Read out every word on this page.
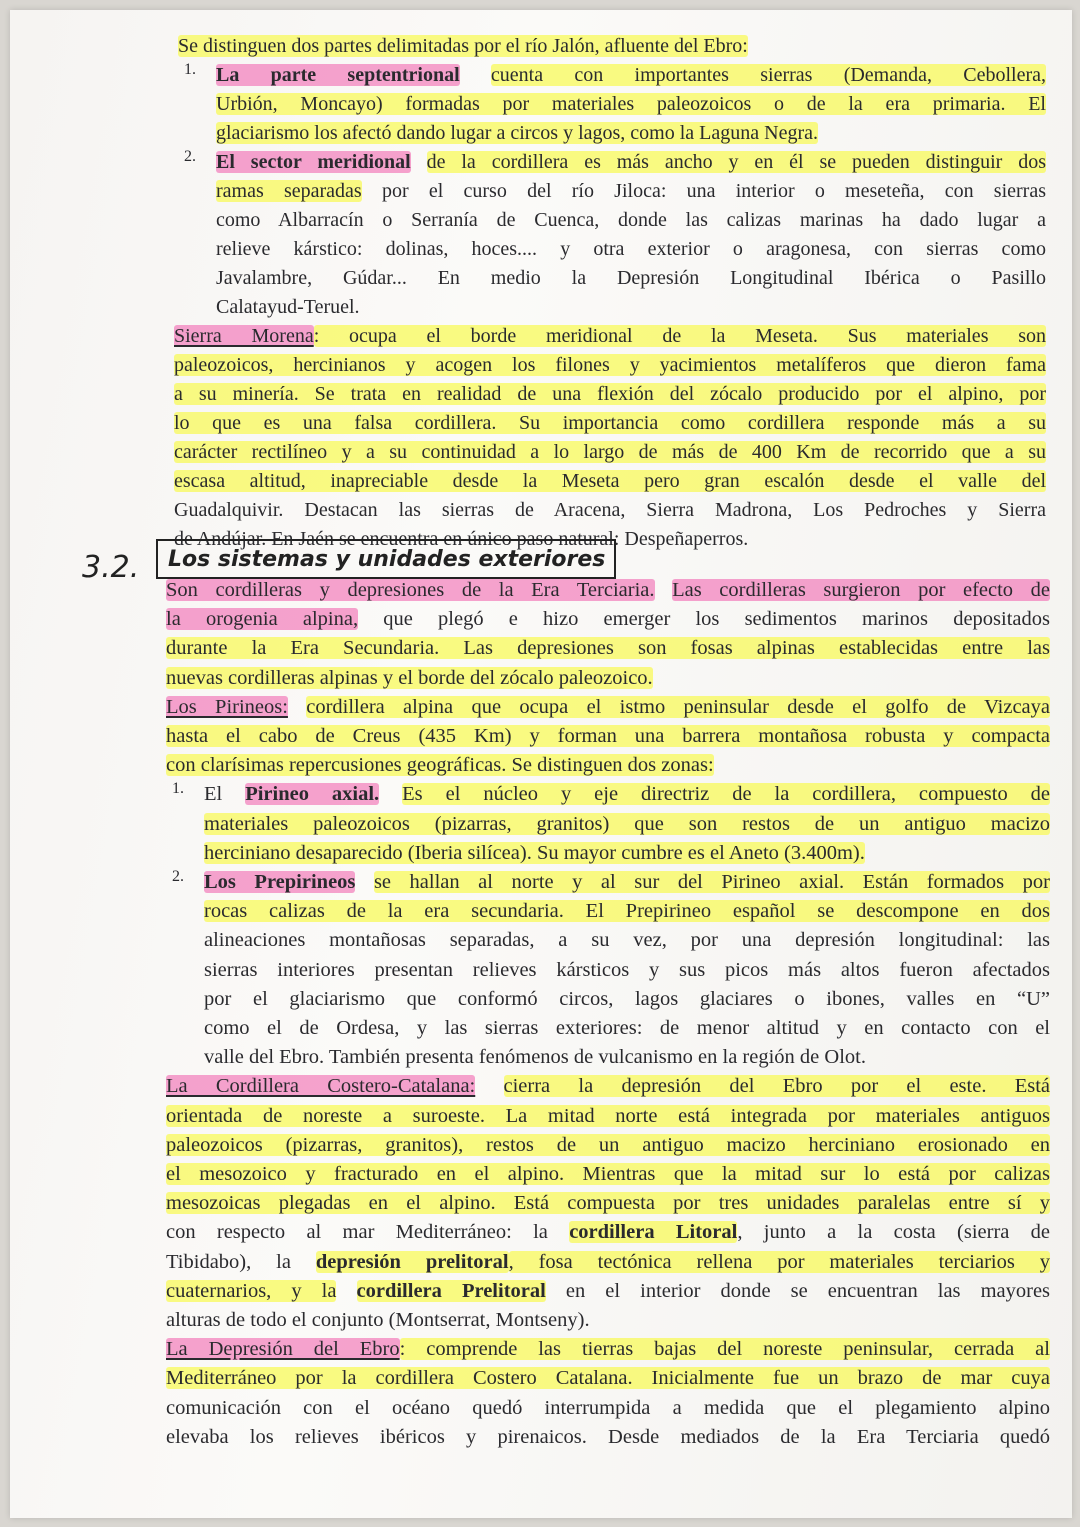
Se distinguen dos partes delimitadas por el río Jalón, afluente del Ebro:

1. La parte septentrional cuenta con importantes sierras (Demanda, Cebollera,

Urbión, Moncayo) formadas por materiales paleozoicos o de la era primaria. El

glaciarismo los afectó dando lugar a circos y lagos, como la Laguna Negra.

2. El sector meridional de la cordillera es más ancho y en él se pueden distinguir dos

ramas separadas por el curso del río Jiloca: una interior o meseteña, con sierras

como Albarracín o Serranía de Cuenca, donde las calizas marinas ha dado lugar a

relieve kárstico: dolinas, hoces.... y otra exterior o aragonesa, con sierras como

Javalambre, Gúdar... En medio la Depresión Longitudinal Ibérica o Pasillo

Calatayud-Teruel.

Sierra Morena: ocupa el borde meridional de la Meseta. Sus materiales son

paleozoicos, hercinianos y acogen los filones y yacimientos metalíferos que dieron fama

a su minería. Se trata en realidad de una flexión del zócalo producido por el alpino, por

lo que es una falsa cordillera. Su importancia como cordillera responde más a su

carácter rectilíneo y a su continuidad a lo largo de más de 400 Km de recorrido que a su

escasa altitud, inapreciable desde la Meseta pero gran escalón desde el valle del

Guadalquivir. Destacan las sierras de Aracena, Sierra Madrona, Los Pedroches y Sierra

de Andújar. En Jaén se encuentra en único paso natural: Despeñaperros.

3.2.	Los sistemas y unidades exteriores

Son cordilleras y depresiones de la Era Terciaria. Las cordilleras surgieron por efecto de

la orogenia alpina, que plegó e hizo emerger los sedimentos marinos depositados

durante la Era Secundaria. Las depresiones son fosas alpinas establecidas entre las

nuevas cordilleras alpinas y el borde del zócalo paleozoico.

Los Pirineos: cordillera alpina que ocupa el istmo peninsular desde el golfo de Vizcaya

hasta el cabo de Creus (435 Km) y forman una barrera montañosa robusta y compacta

con clarísimas repercusiones geográficas. Se distinguen dos zonas:

1. El Pirineo axial. Es el núcleo y eje directriz de la cordillera, compuesto de

materiales paleozoicos (pizarras, granitos) que son restos de un antiguo macizo

herciniano desaparecido (Iberia silícea). Su mayor cumbre es el Aneto (3.400m).

2. Los Prepirineos se hallan al norte y al sur del Pirineo axial. Están formados por

rocas calizas de la era secundaria. El Prepirineo español se descompone en dos

alineaciones montañosas separadas, a su vez, por una depresión longitudinal: las

sierras interiores presentan relieves kársticos y sus picos más altos fueron afectados

por el glaciarismo que conformó circos, lagos glaciares o ibones, valles en “U”

como el de Ordesa, y las sierras exteriores: de menor altitud y en contacto con el

valle del Ebro. También presenta fenómenos de vulcanismo en la región de Olot.

La Cordillera Costero-Catalana: cierra la depresión del Ebro por el este. Está

orientada de noreste a suroeste. La mitad norte está integrada por materiales antiguos

paleozoicos (pizarras, granitos), restos de un antiguo macizo herciniano erosionado en

el mesozoico y fracturado en el alpino. Mientras que la mitad sur lo está por calizas

mesozoicas plegadas en el alpino. Está compuesta por tres unidades paralelas entre sí y

con respecto al mar Mediterráneo: la cordillera Litoral, junto a la costa (sierra de

Tibidabo), la depresión prelitoral, fosa tectónica rellena por materiales terciarios y

cuaternarios, y la cordillera Prelitoral en el interior donde se encuentran las mayores

alturas de todo el conjunto (Montserrat, Montseny).

La Depresión del Ebro: comprende las tierras bajas del noreste peninsular, cerrada al

Mediterráneo por la cordillera Costero Catalana. Inicialmente fue un brazo de mar cuya

comunicación con el océano quedó interrumpida a medida que el plegamiento alpino

elevaba los relieves ibéricos y pirenaicos. Desde mediados de la Era Terciaria quedó
